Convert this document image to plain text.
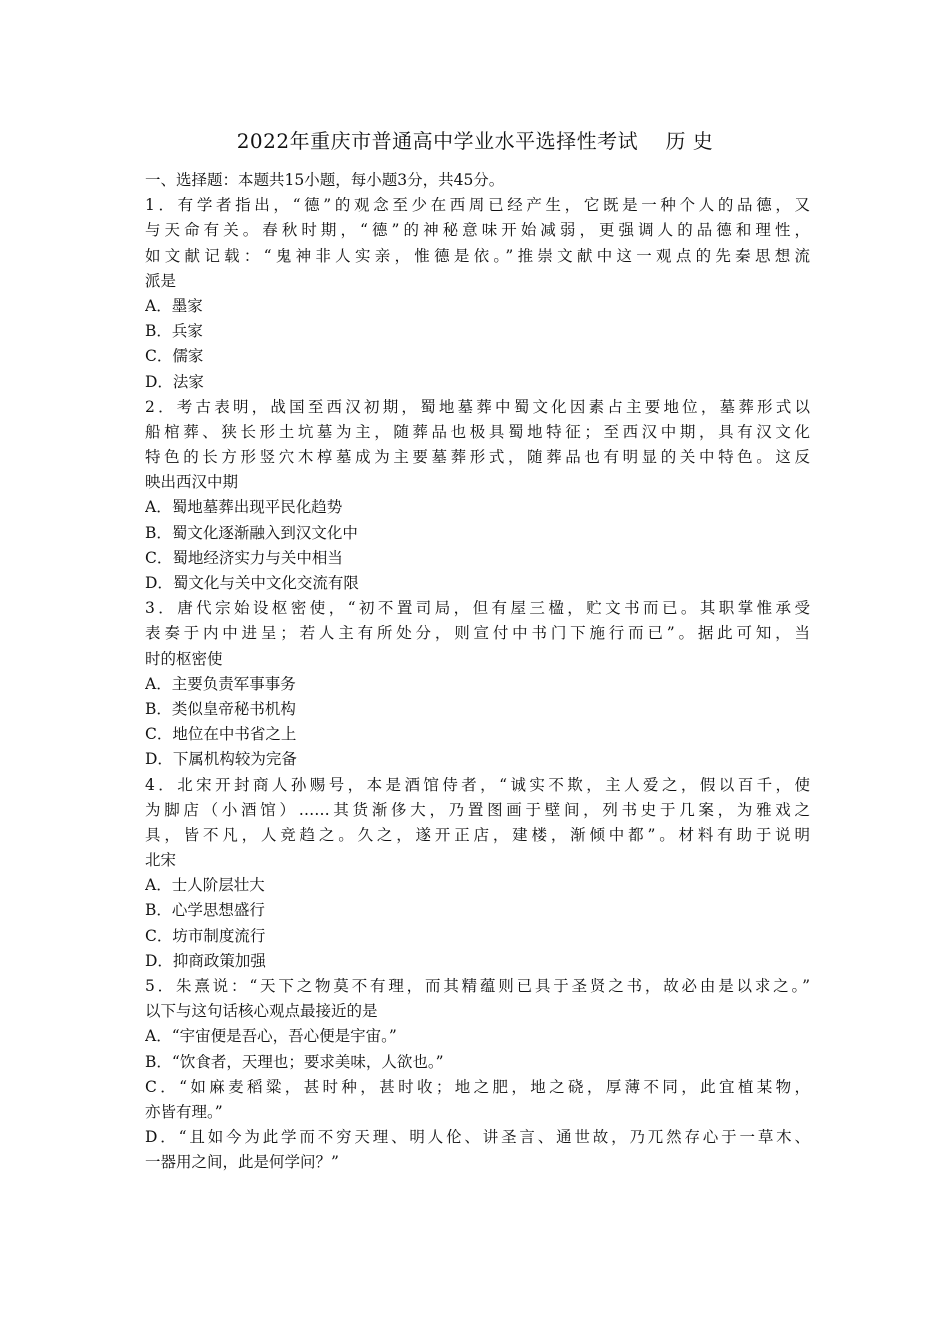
2022年重庆市普通高中学业水平选择性考试　 历 史
一、选择题：本题共15小题，每小题3分，共45分。
1．有学者指出，“德”的观念至少在西周已经产生，它既是一种个人的品德，又
与天命有关。春秋时期，“德”的神秘意味开始减弱，更强调人的品德和理性，
如文献记载：“鬼神非人实亲，惟德是依。”推崇文献中这一观点的先秦思想流
派是
A．墨家
B．兵家
C．儒家
D．法家
2．考古表明，战国至西汉初期，蜀地墓葬中蜀文化因素占主要地位，墓葬形式以
船棺葬、狭长形土坑墓为主，随葬品也极具蜀地特征；至西汉中期，具有汉文化
特色的长方形竖穴木椁墓成为主要墓葬形式，随葬品也有明显的关中特色。这反
映出西汉中期
A．蜀地墓葬出现平民化趋势
B．蜀文化逐渐融入到汉文化中
C．蜀地经济实力与关中相当
D．蜀文化与关中文化交流有限
3．唐代宗始设枢密使，“初不置司局，但有屋三楹，贮文书而已。其职掌惟承受
表奏于内中进呈；若人主有所处分，则宣付中书门下施行而已”。据此可知，当
时的枢密使
A．主要负责军事事务
B．类似皇帝秘书机构
C．地位在中书省之上
D．下属机构较为完备
4．北宋开封商人孙赐号，本是酒馆侍者，“诚实不欺，主人爱之，假以百千，使
为脚店（小酒馆）……其货渐侈大，乃置图画于壁间，列书史于几案，为雅戏之
具，皆不凡，人竞趋之。久之，遂开正店，建楼，渐倾中都”。材料有助于说明
北宋
A．士人阶层壮大
B．心学思想盛行
C．坊市制度流行
D．抑商政策加强
5．朱熹说：“天下之物莫不有理，而其精蕴则已具于圣贤之书，故必由是以求之。”
以下与这句话核心观点最接近的是
A．“宇宙便是吾心，吾心便是宇宙。”
B．“饮食者，天理也；要求美味，人欲也。”
C．“如麻麦稻粱，甚时种，甚时收；地之肥，地之硗，厚薄不同，此宜植某物，
亦皆有理。”
D．“且如今为此学而不穷天理、明人伦、讲圣言、通世故，乃兀然存心于一草木、
一器用之间，此是何学问？”
